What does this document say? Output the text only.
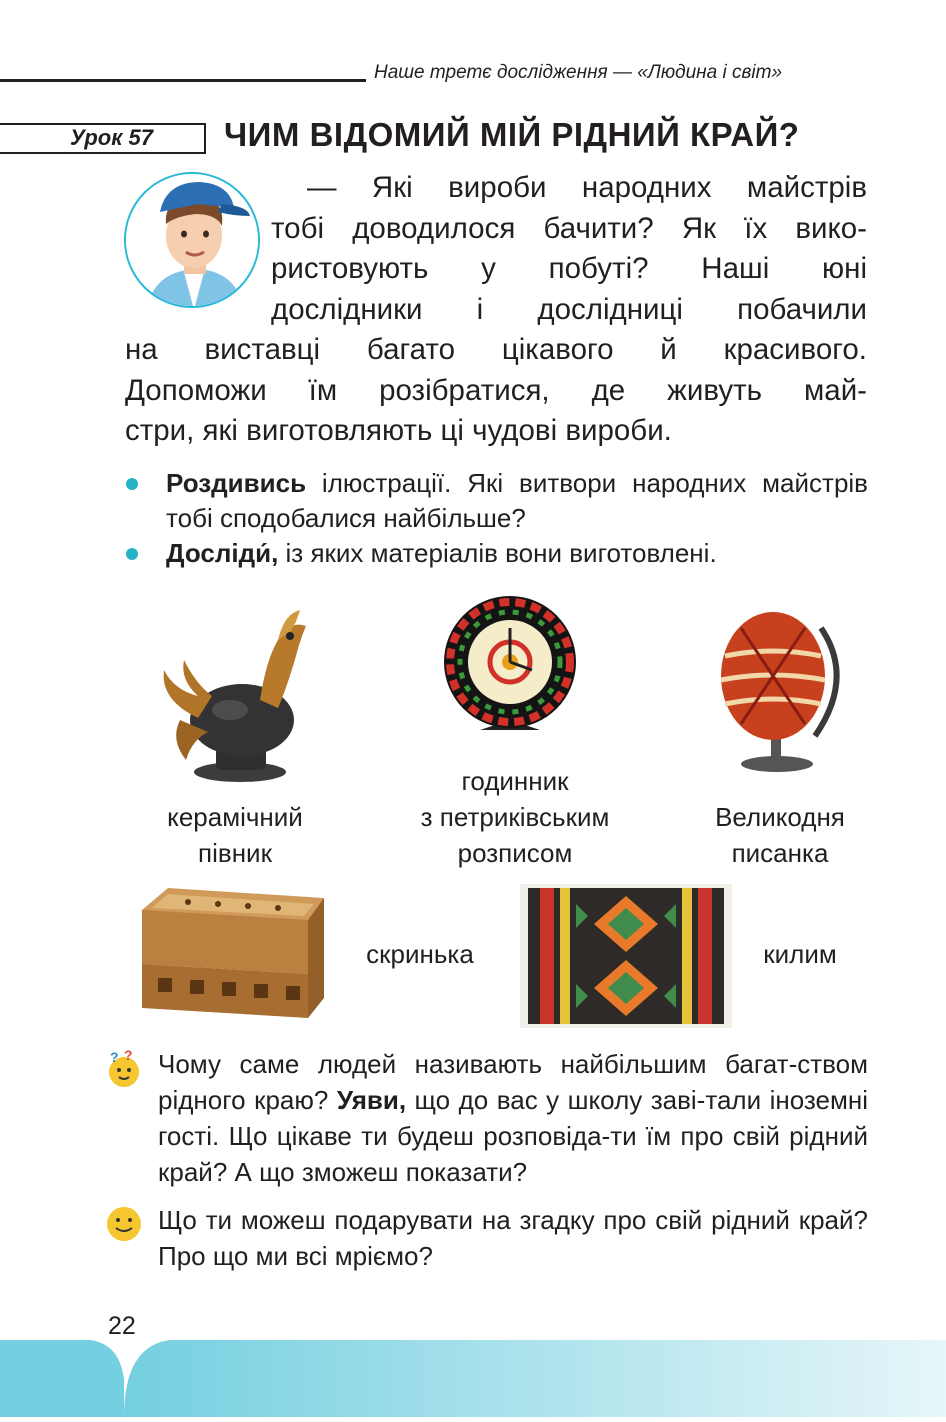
Наше третє дослідження — «Людина і світ»
Урок 57 ЧИМ ВІДОМИЙ МІЙ РІДНИЙ КРАЙ?

— Які вироби народних майстрів

тобі доводилося бачити? Як їх вико-

ристовують у побуті? Наші юні

дослідники і дослідниці побачили

на виставці багато цікавого й красивого.

Допоможи їм розібратися, де живуть май-

стри, які виготовляють ці чудові вироби.

Роздивись ілюстрації. Які витвори народних майстрів тобі сподобалися найбільше?
Досліди́, із яких матеріалів вони виготовлені.
керамічний
півник
годинник
з петриківським
розписом
Великодня
писанка
скринька	килим
? ? Чому саме людей називають найбільшим багат-ством рідного краю? Уяви, що до вас у школу заві-тали іноземні гості. Що цікаве ти будеш розповіда-ти їм про свій рідний край? А що зможеш показати?
Що ти можеш подарувати на згадку про свій рідний край? Про що ми всі мріємо?
22
